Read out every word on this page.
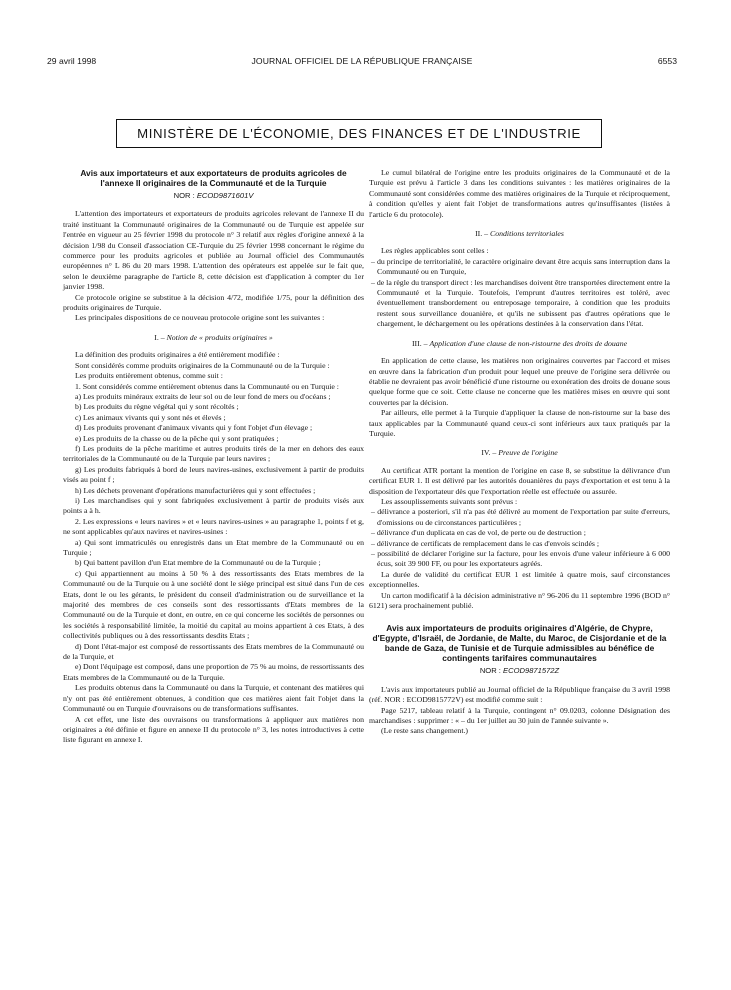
29 avril 1998	JOURNAL OFFICIEL DE LA RÉPUBLIQUE FRANÇAISE	6553
MINISTÈRE DE L'ÉCONOMIE, DES FINANCES ET DE L'INDUSTRIE
Avis aux importateurs et aux exportateurs de produits agricoles de l'annexe II originaires de la Communauté et de la Turquie
NOR : ECOD9871601V

L'attention des importateurs et exportateurs de produits agricoles relevant de l'annexe II du traité instituant la Communauté originaires de la Communauté ou de Turquie est appelée sur l'entrée en vigueur au 25 février 1998 du protocole n° 3 relatif aux règles d'origine annexé à la décision 1/98 du Conseil d'association CE-Turquie du 25 février 1998 concernant le régime du commerce pour les produits agricoles et publiée au Journal officiel des Communautés européennes n° L 86 du 20 mars 1998. L'attention des opérateurs est appelée sur le fait que, selon le deuxième paragraphe de l'article 8, cette décision est d'application à compter du 1er janvier 1998.

Ce protocole origine se substitue à la décision 4/72, modifiée 1/75, pour la définition des produits originaires de Turquie.

Les principales dispositions de ce nouveau protocole origine sont les suivantes :

I. – Notion de « produits originaires »

La définition des produits originaires a été entièrement modifiée :

Sont considérés comme produits originaires de la Communauté ou de la Turquie :

Les produits entièrement obtenus, comme suit :

1. Sont considérés comme entièrement obtenus dans la Communauté ou en Turquie :

a) Les produits minéraux extraits de leur sol ou de leur fond de mers ou d'océans ;

b) Les produits du règne végétal qui y sont récoltés ;

c) Les animaux vivants qui y sont nés et élevés ;

d) Les produits provenant d'animaux vivants qui y font l'objet d'un élevage ;

e) Les produits de la chasse ou de la pêche qui y sont pratiquées ;

f) Les produits de la pêche maritime et autres produits tirés de la mer en dehors des eaux territoriales de la Communauté ou de la Turquie par leurs navires ;

g) Les produits fabriqués à bord de leurs navires-usines, exclusivement à partir de produits visés au point f ;

h) Les déchets provenant d'opérations manufacturières qui y sont effectuées ;

i) Les marchandises qui y sont fabriquées exclusivement à partir de produits visés aux points a à h.

2. Les expressions « leurs navires » et « leurs navires-usines » au paragraphe 1, points f et g, ne sont applicables qu'aux navires et navires-usines :

a) Qui sont immatriculés ou enregistrés dans un Etat membre de la Communauté ou en Turquie ;

b) Qui battent pavillon d'un Etat membre de la Communauté ou de la Turquie ;

c) Qui appartiennent au moins à 50 % à des ressortissants des Etats membres de la Communauté ou de la Turquie ou à une société dont le siège principal est situé dans l'un de ces Etats, dont le ou les gérants, le président du conseil d'administration ou de surveillance et la majorité des membres de ces conseils sont des ressortissants d'Etats membres de la Communauté ou de la Turquie et dont, en outre, en ce qui concerne les sociétés de personnes ou les sociétés à responsabilité limitée, la moitié du capital au moins appartient à ces Etats, à des collectivités publiques ou à des ressortissants desdits Etats ;

d) Dont l'état-major est composé de ressortissants des Etats membres de la Communauté ou de la Turquie, et

e) Dont l'équipage est composé, dans une proportion de 75 % au moins, de ressortissants des Etats membres de la Communauté ou de la Turquie.

Les produits obtenus dans la Communauté ou dans la Turquie, et contenant des matières qui n'y ont pas été entièrement obtenues, à condition que ces matières aient fait l'objet dans la Communauté ou en Turquie d'ouvraisons ou de transformations suffisantes.

A cet effet, une liste des ouvraisons ou transformations à appliquer aux matières non originaires a été définie et figure en annexe II du protocole n° 3, les notes introductives à cette liste figurant en annexe I.

Le cumul bilatéral de l'origine entre les produits originaires de la Communauté et de la Turquie est prévu à l'article 3 dans les conditions suivantes : les matières originaires de la Communauté sont considérées comme des matières originaires de la Turquie et réciproquement, à condition qu'elles y aient fait l'objet de transformations autres qu'insuffisantes (listées à l'article 6 du protocole).

II. – Conditions territoriales

Les règles applicables sont celles :

– du principe de territorialité, le caractère originaire devant être acquis sans interruption dans la Communauté ou en Turquie,

– de la règle du transport direct : les marchandises doivent être transportées directement entre la Communauté et la Turquie. Toutefois, l'emprunt d'autres territoires est toléré, avec éventuellement transbordement ou entreposage temporaire, à condition que les produits restent sous surveillance douanière, et qu'ils ne subissent pas d'autres opérations que le chargement, le déchargement ou les opérations destinées à la conservation dans l'état.

III. – Application d'une clause de non-ristourne des droits de douane

En application de cette clause, les matières non originaires couvertes par l'accord et mises en œuvre dans la fabrication d'un produit pour lequel une preuve de l'origine sera délivrée ou établie ne devraient pas avoir bénéficié d'une ristourne ou exonération des droits de douane sous quelque forme que ce soit. Cette clause ne concerne que les matières mises en œuvre qui sont couvertes par la décision.

Par ailleurs, elle permet à la Turquie d'appliquer la clause de non-ristourne sur la base des taux applicables par la Communauté quand ceux-ci sont inférieurs aux taux pratiqués par la Turquie.

IV. – Preuve de l'origine

Au certificat ATR portant la mention de l'origine en case 8, se substitue la délivrance d'un certificat EUR 1. Il est délivré par les autorités douanières du pays d'exportation et est tenu à la disposition de l'exportateur dès que l'exportation réelle est effectuée ou assurée.

Les assouplissements suivants sont prévus :

– délivrance a posteriori, s'il n'a pas été délivré au moment de l'exportation par suite d'erreurs, d'omissions ou de circonstances particulières ;

– délivrance d'un duplicata en cas de vol, de perte ou de destruction ;

– délivrance de certificats de remplacement dans le cas d'envois scindés ;

– possibilité de déclarer l'origine sur la facture, pour les envois d'une valeur inférieure à 6 000 écus, soit 39 900 FF, ou pour les exportateurs agréés.

La durée de validité du certificat EUR 1 est limitée à quatre mois, sauf circonstances exceptionnelles.

Un carton modificatif à la décision administrative n° 96-206 du 11 septembre 1996 (BOD n° 6121) sera prochainement publié.

Avis aux importateurs de produits originaires d'Algérie, de Chypre, d'Egypte, d'Israël, de Jordanie, de Malte, du Maroc, de Cisjordanie et de la bande de Gaza, de Tunisie et de Turquie admissibles au bénéfice de contingents tarifaires communautaires
NOR : ECOD9871572Z

L'avis aux importateurs publié au Journal officiel de la République française du 3 avril 1998 (réf. NOR : ECOD9815772V) est modifié comme suit :

Page 5217, tableau relatif à la Turquie, contingent n° 09.0203, colonne Désignation des marchandises : supprimer : « – du 1er juillet au 30 juin de l'année suivante ».

(Le reste sans changement.)
